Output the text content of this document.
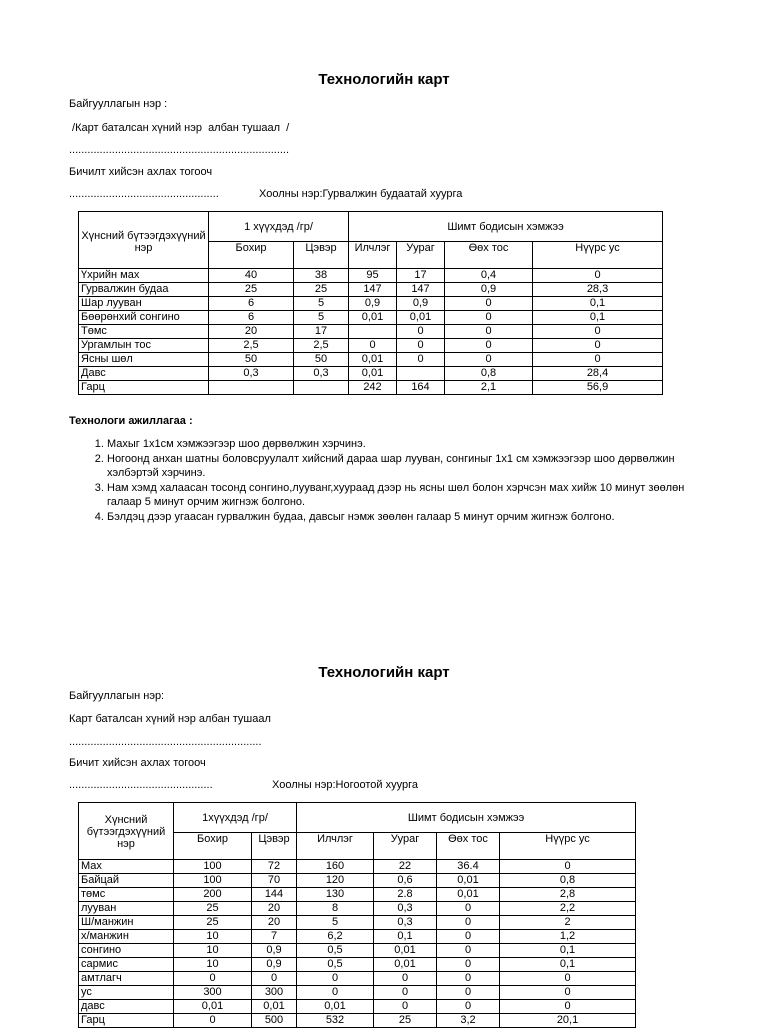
Технологийн карт
Байгууллагын нэр :
/Карт баталсан хүний нэр  албан тушаал  /
........................................................................
Бичилт хийсэн ахлах тогооч
.................................................	Хоолны нэр:Гурвалжин будаатай хуурга
Хүнсний бүтээгдэхүүний нэр	1 хүүхдэд /гр/		Шимт бодисын хэмжээ			
	Бохир	Цэвэр	Илчлэг	Уураг	Өөх тос	Нүүрс ус
Үхрийн мах	40	38	95	17	0,4	0
Гурвалжин будаа	25	25	147	147	0,9	28,3
Шар лууван	6	5	0,9	0,9	0	0,1
Бөөрөнхий сонгино	6	5	0,01	0,01	0	0,1
Төмс	20	17		0	0	0
Ургамлын тос	2,5	2,5	0	0	0	0
Ясны шөл	50	50	0,01	0	0	0
Давс	0,3	0,3	0,01		0,8	28,4
Гарц			242	164	2,1	56,9
Технологи ажиллагаа :
1. Махыг 1х1см хэмжээгээр шоо дөрвөлжин хэрчинэ.
2. Ногоонд анхан шатны боловсруулалт хийсний дараа шар лууван, сонгиныг 1х1 см хэмжээгээр шоо дөрвөлжин хэлбэртэй хэрчинэ.
3. Нам хэмд халаасан тосонд сонгино,лууванг,хуураад дээр нь ясны шөл болон хэрчсэн мах хийж 10 минут зөөлөн галаар 5 минут орчим жигнэж болгоно.
4. Бэлдэц дээр угаасан гурвалжин будаа, давсыг нэмж зөөлөн галаар 5 минут орчим жигнэж болгоно.
Технологийн карт
Байгууллагын нэр:
Карт баталсан хүний нэр албан тушаал
...............................................................
Бичит хийсэн ахлах тогооч
...............................................	Хоолны нэр:Ногоотой хуурга
Хүнсний бүтээгдэхүүний нэр	1хүүхдэд /гр/		Шимт бодисын хэмжээ			
	Бохир	Цэвэр	Илчлэг	Уураг	Өөх тос	Нүүрс ус
Мах	100	72	160	22	36.4	0
Байцай	100	70	120	0,6	0,01	0,8
төмс	200	144	130	2.8	0,01	2,8
лууван	25	20	8	0,3	0	2,2
Ш/манжин	25	20	5	0,3	0	2
х/манжин	10	7	6,2	0,1	0	1,2
сонгино	10	0,9	0,5	0,01	0	0,1
сармис	10	0,9	0,5	0,01	0	0,1
амтлагч	0	0	0	0	0	0
ус	300	300	0	0	0	0
давс	0,01	0,01	0,01	0	0	0
Гарц	0	500	532	25	3,2	20,1
